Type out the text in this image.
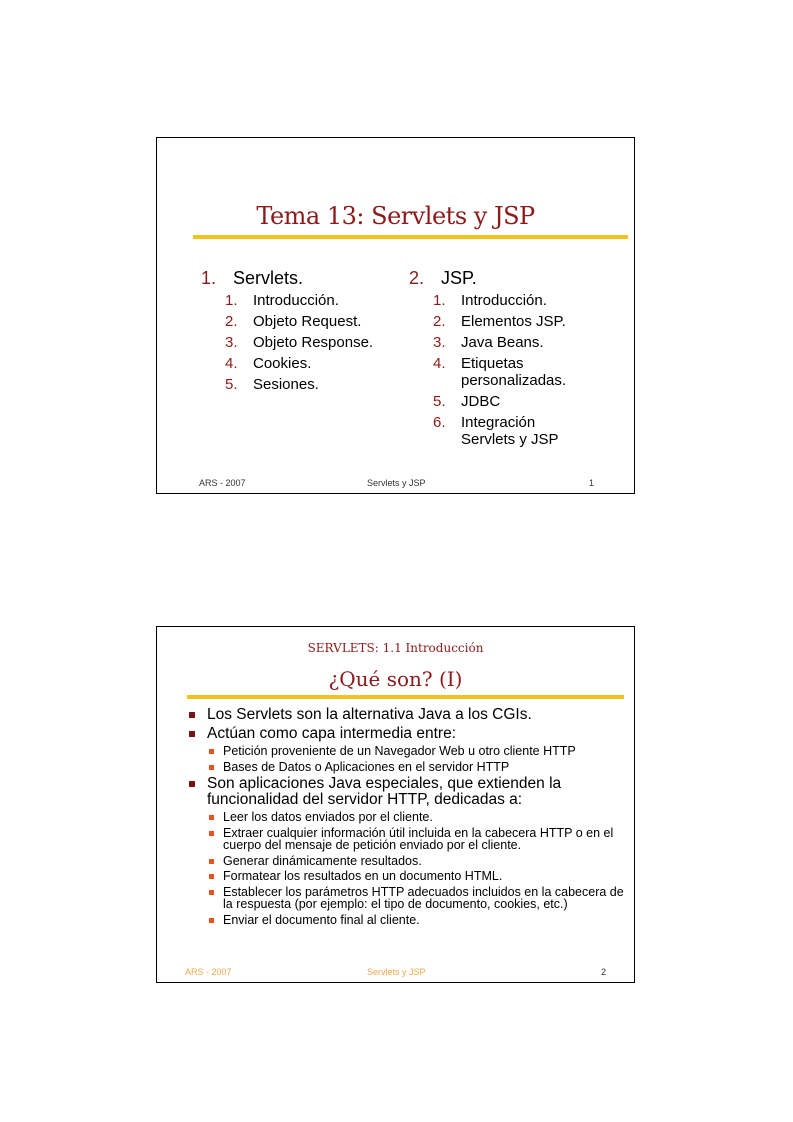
Tema 13: Servlets y JSP
1. Servlets.
1.	Introducción.
2.	Objeto Request.
3.	Objeto Response.
4.	Cookies.
5.	Sesiones.
2. JSP.
1.	Introducción.
2.	Elementos JSP.
3.	Java Beans.
4.	Etiquetas personalizadas.
5.	JDBC
6.	Integración Servlets y JSP
ARS - 2007	Servlets y JSP	1
SERVLETS: 1.1 Introducción
¿Qué son? (I)
Los Servlets son la alternativa Java a los CGIs.
Actúan como capa intermedia entre:
Petición proveniente de un Navegador Web u otro cliente HTTP
Bases de Datos o Aplicaciones en el servidor HTTP
Son aplicaciones Java especiales, que extienden la funcionalidad del servidor HTTP, dedicadas a:
Leer los datos enviados por el cliente.
Extraer cualquier información útil incluida en la cabecera HTTP o en el cuerpo del mensaje de petición enviado por el cliente.
Generar dinámicamente resultados.
Formatear los resultados en un documento HTML.
Establecer los parámetros HTTP adecuados incluidos en la cabecera de la respuesta (por ejemplo: el tipo de documento, cookies, etc.)
Enviar el documento final al cliente.
ARS - 2007	Servlets y JSP	2
